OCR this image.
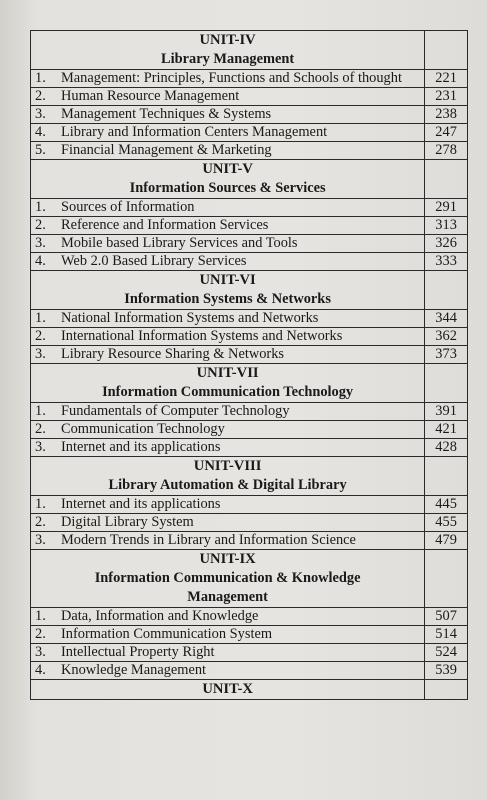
UNIT-IV
Library Management	

1. Management: Principles, Functions and Schools of thought	221

2. Human Resource Management	231

3. Management Techniques & Systems	238

4. Library and Information Centers Management	247

5. Financial Management & Marketing	278

UNIT-V
Information Sources & Services	

1. Sources of Information	291

2. Reference and Information Services	313

3. Mobile based Library Services and Tools	326

4. Web 2.0 Based Library Services	333

UNIT-VI
Information Systems & Networks	

1. National Information Systems and Networks	344

2. International Information Systems and Networks	362

3. Library Resource Sharing & Networks	373

UNIT-VII
Information Communication Technology	

1. Fundamentals of Computer Technology	391

2. Communication Technology	421

3. Internet and its applications	428

UNIT-VIII
Library Automation & Digital Library	

1. Internet and its applications	445

2. Digital Library System	455

3. Modern Trends in Library and Information Science	479

UNIT-IX
Information Communication & Knowledge
Management	

1. Data, Information and Knowledge	507

2. Information Communication System	514

3. Intellectual Property Right	524

4. Knowledge Management	539

UNIT-X	
